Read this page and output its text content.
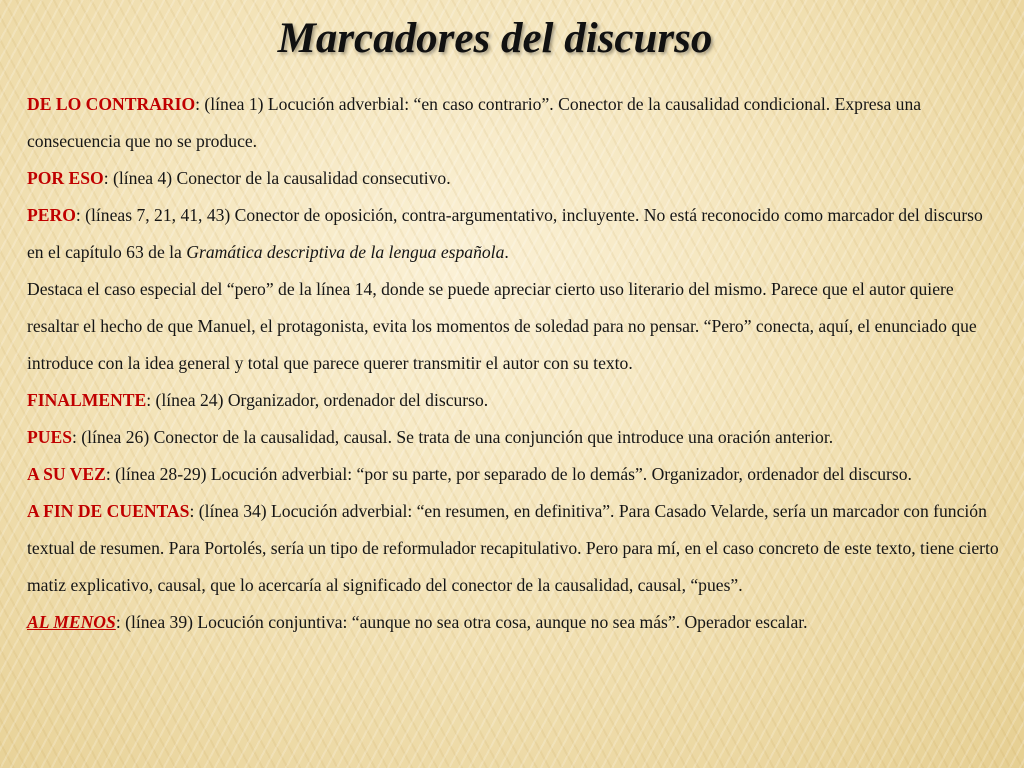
Marcadores del discurso

DE LO CONTRARIO: (línea 1) Locución adverbial: “en caso contrario”. Conector de la causalidad condicional. Expresa una consecuencia que no se produce.

POR ESO: (línea 4) Conector de la causalidad consecutivo.

PERO: (líneas 7, 21, 41, 43) Conector de oposición, contra-argumentativo, incluyente. No está reconocido como marcador del discurso en el capítulo 63 de la Gramática descriptiva de la lengua española.

Destaca el caso especial del “pero” de la línea 14, donde se puede apreciar cierto uso literario del mismo. Parece que el autor quiere resaltar el hecho de que Manuel, el protagonista, evita los momentos de soledad para no pensar. “Pero” conecta, aquí, el enunciado que introduce con la idea general y total que parece querer transmitir el autor con su texto.

FINALMENTE: (línea 24) Organizador, ordenador del discurso.

PUES: (línea 26) Conector de la causalidad, causal. Se trata de una conjunción que introduce una oración anterior.

A SU VEZ: (línea 28-29) Locución adverbial: “por su parte, por separado de lo demás”. Organizador, ordenador del discurso.

A FIN DE CUENTAS: (línea 34) Locución adverbial: “en resumen, en definitiva”. Para Casado Velarde, sería un marcador con función textual de resumen. Para Portolés, sería un tipo de reformulador recapitulativo. Pero para mí, en el caso concreto de este texto, tiene cierto matiz explicativo, causal, que lo acercaría al significado del conector de la causalidad, causal, “pues”.

AL MENOS: (línea 39) Locución conjuntiva: “aunque no sea otra cosa, aunque no sea más”. Operador escalar.
